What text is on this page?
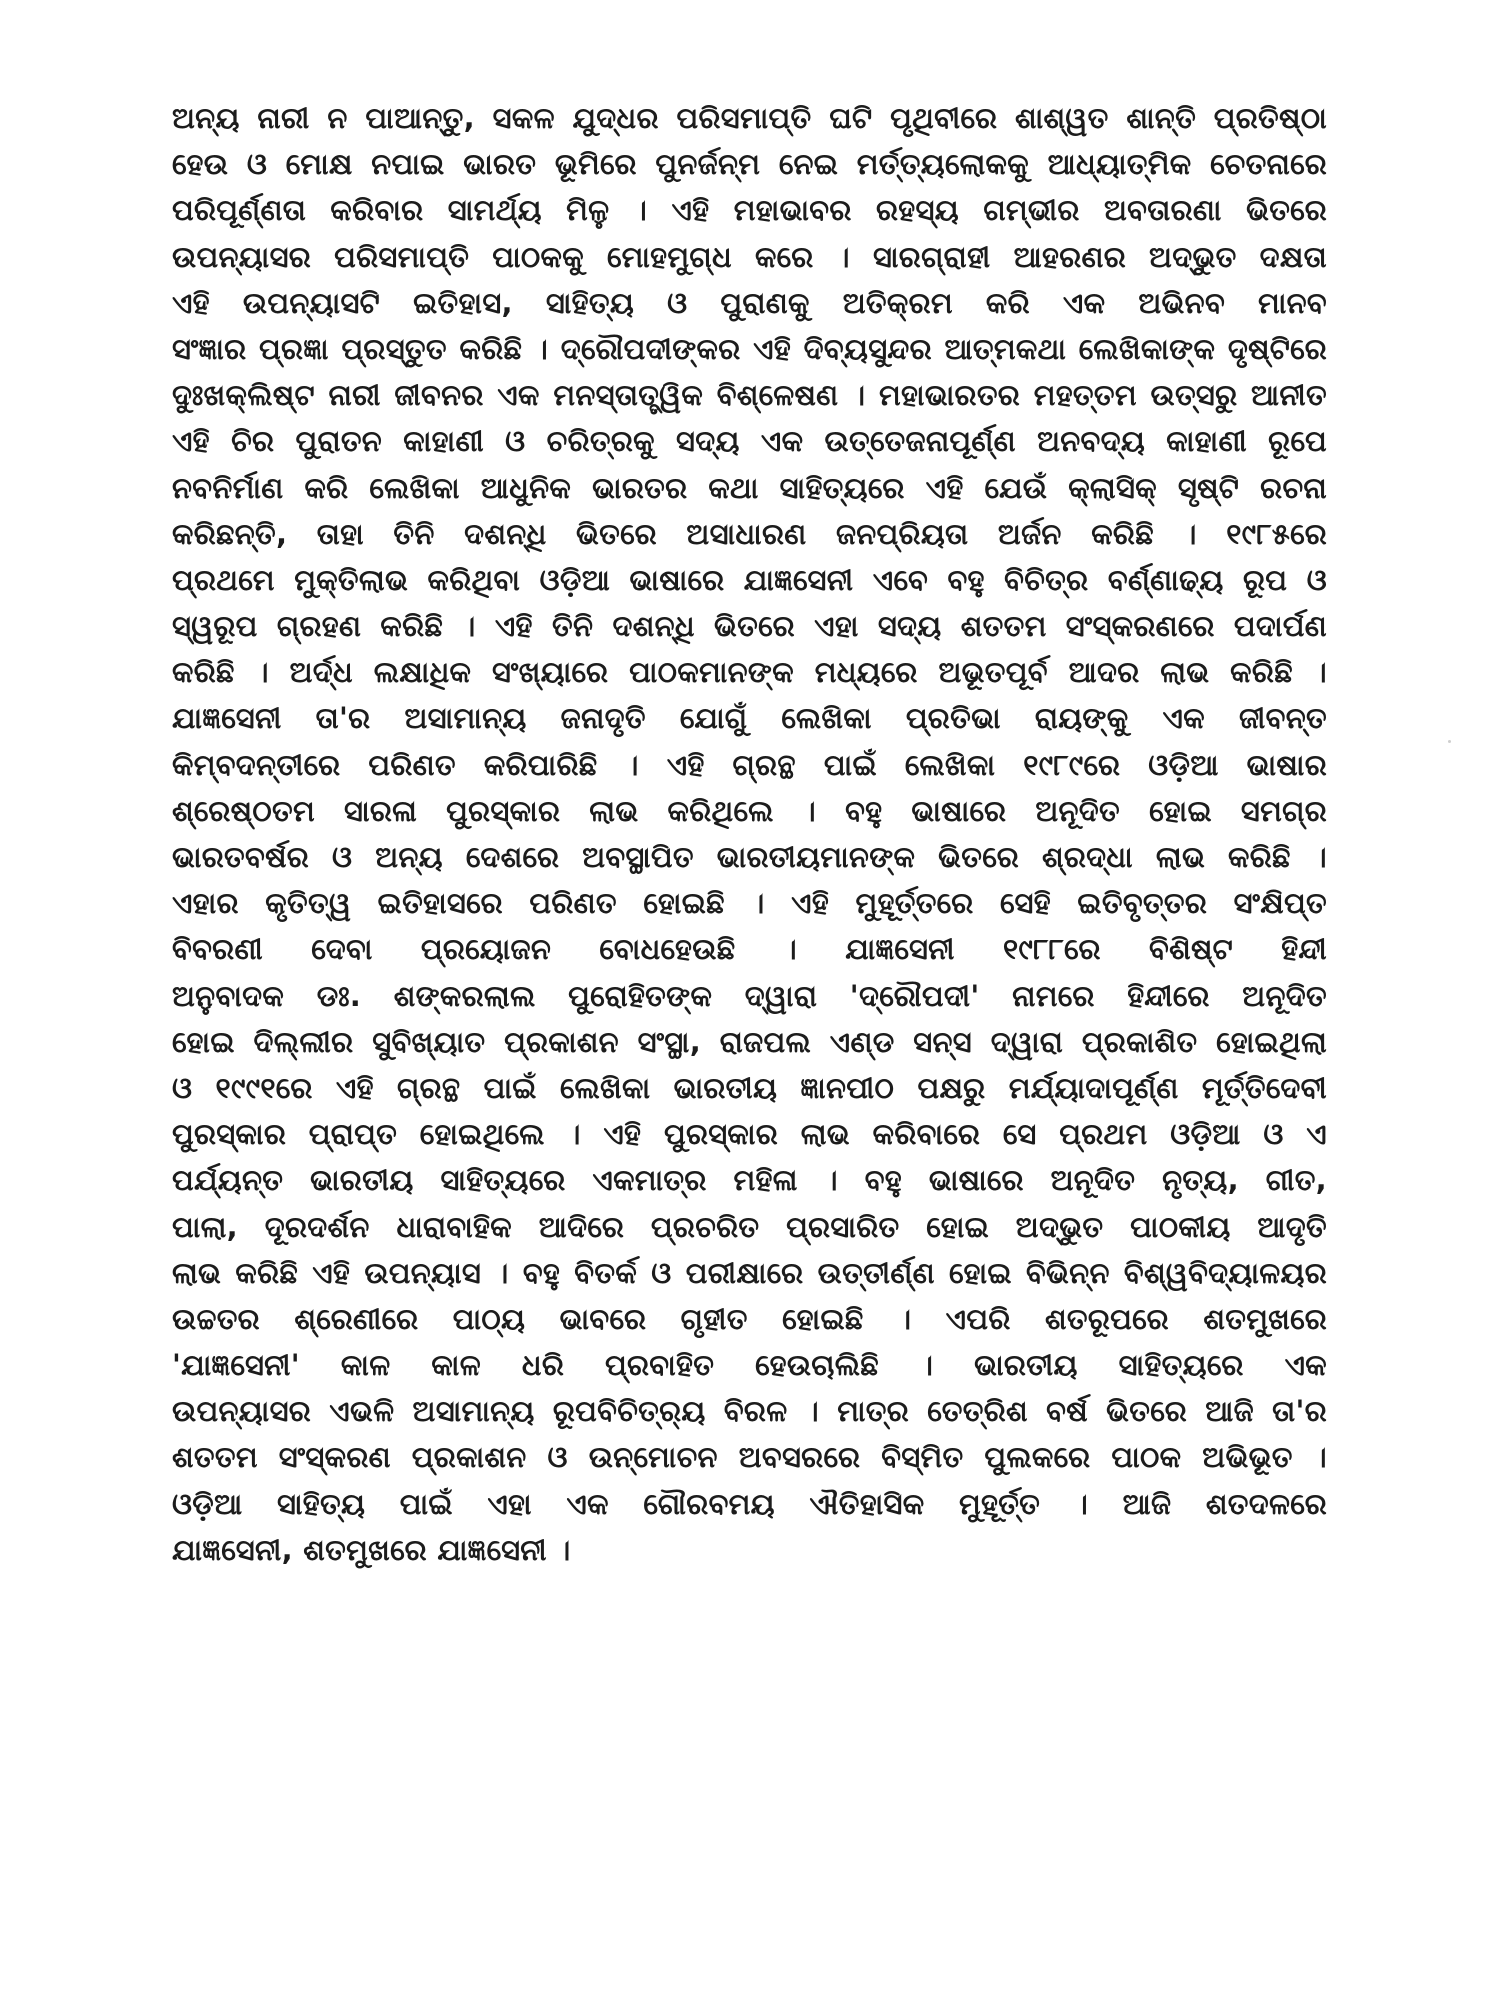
ଅନ୍ୟ ନାରୀ ନ ପାଆନ୍ତୁ, ସକଳ ଯୁଦ୍ଧର ପରିସମାପ୍ତି ଘଟି ପୃଥିବୀରେ ଶାଶ୍ୱତ ଶାନ୍ତି ପ୍ରତିଷ୍ଠା
ହେଉ ଓ ମୋକ୍ଷ ନପାଇ ଭାରତ ଭୂମିରେ ପୁନର୍ଜନ୍ମ ନେଇ ମର୍ତ୍ତ୍ୟଲୋକକୁ ଆଧ୍ୟାତ୍ମିକ ଚେତନାରେ
ପରିପୂର୍ଣ୍ଣତା କରିବାର ସାମର୍ଥ୍ୟ ମିଳୁ । ଏହି ମହାଭାବର ରହସ୍ୟ ଗମ୍ଭୀର ଅବତାରଣା ଭିତରେ
ଉପନ୍ୟାସର ପରିସମାପ୍ତି ପାଠକକୁ ମୋହମୁଗ୍ଧ କରେ । ସାରଗ୍ରାହୀ ଆହରଣର ଅଦ୍ଭୁତ ଦକ୍ଷତା
ଏହି ଉପନ୍ୟାସଟି ଇତିହାସ, ସାହିତ୍ୟ ଓ ପୁରାଣକୁ ଅତିକ୍ରମ କରି ଏକ ଅଭିନବ ମାନବ
ସଂଜ୍ଞାର ପ୍ରଜ୍ଞା ପ୍ରସ୍ତୁତ କରିଛି । ଦ୍ରୌପଦୀଙ୍କର ଏହି ଦିବ୍ୟସୁନ୍ଦର ଆତ୍ମକଥା ଲେଖିକାଙ୍କ ଦୃଷ୍ଟିରେ
ଦୁଃଖକ୍ଲିଷ୍ଟ ନାରୀ ଜୀବନର ଏକ ମନସ୍ତାତ୍ତ୍ୱିକ ବିଶ୍ଳେଷଣ । ମହାଭାରତର ମହତ୍ତମ ଉତ୍ସରୁ ଆନୀତ
ଏହି ଚିର ପୁରାତନ କାହାଣୀ ଓ ଚରିତ୍ରକୁ ସଦ୍ୟ ଏକ ଉତ୍ତେଜନାପୂର୍ଣ୍ଣ ଅନବଦ୍ୟ କାହାଣୀ ରୂପେ
ନବନିର୍ମାଣ କରି ଲେଖିକା ଆଧୁନିକ ଭାରତର କଥା ସାହିତ୍ୟରେ ଏହି ଯେଉଁ କ୍ଲାସିକ୍ ସୃଷ୍ଟି ରଚନା
କରିଛନ୍ତି, ତାହା ତିନି ଦଶନ୍ଧି ଭିତରେ ଅସାଧାରଣ ଜନପ୍ରିୟତା ଅର୍ଜନ କରିଛି । ୧୯୮୫ରେ
ପ୍ରଥମେ ମୁକ୍ତିଲାଭ କରିଥିବା ଓଡ଼ିଆ ଭାଷାରେ ଯାଜ୍ଞସେନୀ ଏବେ ବହୁ ବିଚିତ୍ର ବର୍ଣ୍ଣାଢ୍ୟ ରୂପ ଓ
ସ୍ୱରୂପ ଗ୍ରହଣ କରିଛି । ଏହି ତିନି ଦଶନ୍ଧି ଭିତରେ ଏହା ସଦ୍ୟ ଶତତମ ସଂସ୍କରଣରେ ପଦାର୍ପଣ
କରିଛି । ଅର୍ଦ୍ଧ ଲକ୍ଷାଧିକ ସଂଖ୍ୟାରେ ପାଠକମାନଙ୍କ ମଧ୍ୟରେ ଅଭୂତପୂର୍ବ ଆଦର ଲାଭ କରିଛି ।
ଯାଜ୍ଞସେନୀ ତା'ର ଅସାମାନ୍ୟ ଜନାଦୃତି ଯୋଗୁଁ ଲେଖିକା ପ୍ରତିଭା ରାୟଙ୍କୁ ଏକ ଜୀବନ୍ତ
କିମ୍ବଦନ୍ତୀରେ ପରିଣତ କରିପାରିଛି । ଏହି ଗ୍ରନ୍ଥ ପାଇଁ ଲେଖିକା ୧୯୮୯ରେ ଓଡ଼ିଆ ଭାଷାର
ଶ୍ରେଷ୍ଠତମ ସାରଳା ପୁରସ୍କାର ଲାଭ କରିଥିଲେ । ବହୁ ଭାଷାରେ ଅନୂଦିତ ହୋଇ ସମଗ୍ର
ଭାରତବର୍ଷର ଓ ଅନ୍ୟ ଦେଶରେ ଅବସ୍ଥାପିତ ଭାରତୀୟମାନଙ୍କ ଭିତରେ ଶ୍ରଦ୍ଧା ଲାଭ କରିଛି ।
ଏହାର କୃତିତ୍ୱ ଇତିହାସରେ ପରିଣତ ହୋଇଛି । ଏହି ମୁହୂର୍ତ୍ତରେ ସେହି ଇତିବୃତ୍ତର ସଂକ୍ଷିପ୍ତ
ବିବରଣୀ ଦେବା ପ୍ରୟୋଜନ ବୋଧହେଉଛି । ଯାଜ୍ଞସେନୀ ୧୯୮୮ରେ ବିଶିଷ୍ଟ ହିନ୍ଦୀ
ଅନୁବାଦକ ଡଃ. ଶଙ୍କରଲାଲ ପୁରୋହିତଙ୍କ ଦ୍ୱାରା 'ଦ୍ରୌପଦୀ' ନାମରେ ହିନ୍ଦୀରେ ଅନୂଦିତ
ହୋଇ ଦିଲ୍ଲୀର ସୁବିଖ୍ୟାତ ପ୍ରକାଶନ ସଂସ୍ଥା, ରାଜପଲ ଏଣ୍ଡ ସନ୍ସ ଦ୍ୱାରା ପ୍ରକାଶିତ ହୋଇଥିଲା
ଓ ୧୯୯୧ରେ ଏହି ଗ୍ରନ୍ଥ ପାଇଁ ଲେଖିକା ଭାରତୀୟ ଜ୍ଞାନପୀଠ ପକ୍ଷରୁ ମର୍ଯ୍ୟାଦାପୂର୍ଣ୍ଣ ମୂର୍ତ୍ତିଦେବୀ
ପୁରସ୍କାର ପ୍ରାପ୍ତ ହୋଇଥିଲେ । ଏହି ପୁରସ୍କାର ଲାଭ କରିବାରେ ସେ ପ୍ରଥମ ଓଡ଼ିଆ ଓ ଏ
ପର୍ଯ୍ୟନ୍ତ ଭାରତୀୟ ସାହିତ୍ୟରେ ଏକମାତ୍ର ମହିଳା । ବହୁ ଭାଷାରେ ଅନୂଦିତ ନୃତ୍ୟ, ଗୀତ,
ପାଲା, ଦୂରଦର୍ଶନ ଧାରାବାହିକ ଆଦିରେ ପ୍ରଚରିତ ପ୍ରସାରିତ ହୋଇ ଅଦ୍ଭୁତ ପାଠକୀୟ ଆଦୃତି
ଲାଭ କରିଛି ଏହି ଉପନ୍ୟାସ । ବହୁ ବିତର୍କ ଓ ପରୀକ୍ଷାରେ ଉତ୍ତୀର୍ଣ୍ଣ ହୋଇ ବିଭିନ୍ନ ବିଶ୍ୱବିଦ୍ୟାଳୟର
ଉଚ୍ଚତର ଶ୍ରେଣୀରେ ପାଠ୍ୟ ଭାବରେ ଗୃହୀତ ହୋଇଛି । ଏପରି ଶତରୂପରେ ଶତମୁଖରେ
'ଯାଜ୍ଞସେନୀ' କାଳ କାଳ ଧରି ପ୍ରବାହିତ ହେଉଚାଲିଛି । ଭାରତୀୟ ସାହିତ୍ୟରେ ଏକ
ଉପନ୍ୟାସର ଏଭଳି ଅସାମାନ୍ୟ ରୂପବିଚିତ୍ର୍ୟ ବିରଳ । ମାତ୍ର ତେତ୍ରିଶ ବର୍ଷ ଭିତରେ ଆଜି ତା'ର
ଶତତମ ସଂସ୍କରଣ ପ୍ରକାଶନ ଓ ଉନ୍ମୋଚନ ଅବସରରେ ବିସ୍ମିତ ପୁଲକରେ ପାଠକ ଅଭିଭୂତ ।
ଓଡ଼ିଆ ସାହିତ୍ୟ ପାଇଁ ଏହା ଏକ ଗୌରବମୟ ଐତିହାସିକ ମୁହୂର୍ତ୍ତ । ଆଜି ଶତଦଳରେ
ଯାଜ୍ଞସେନୀ, ଶତମୁଖରେ ଯାଜ୍ଞସେନୀ ।
